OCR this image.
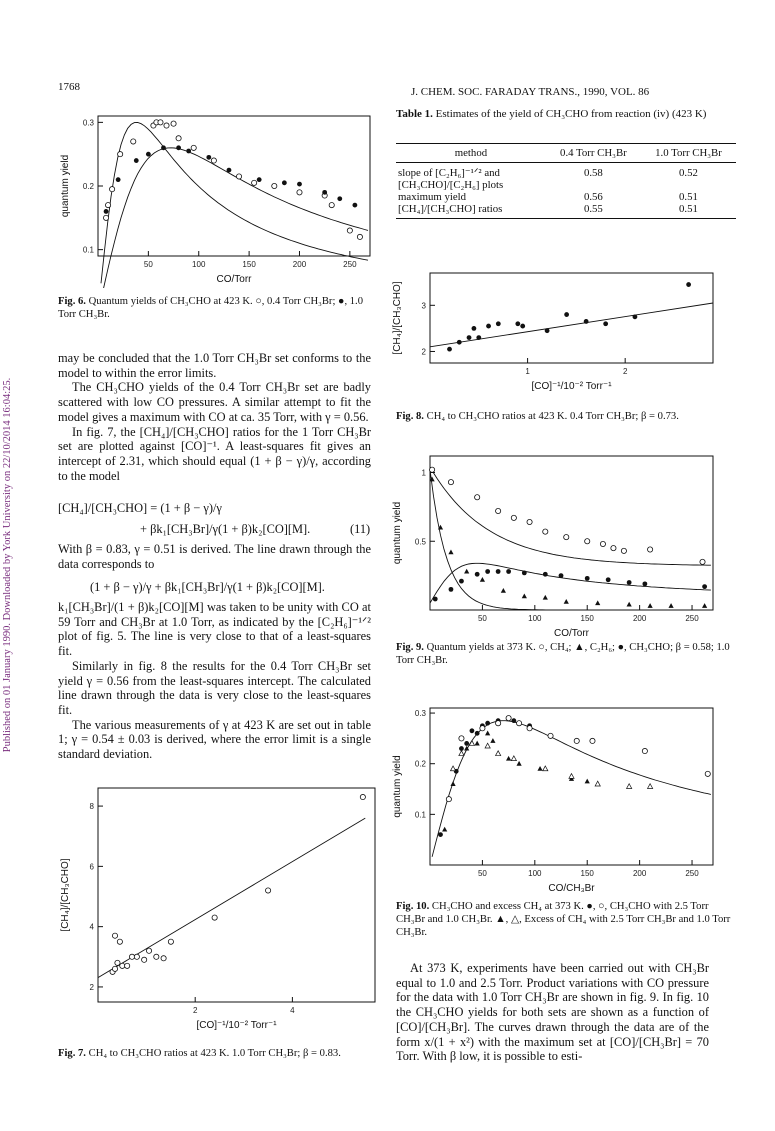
Published on 01 January 1990. Downloaded by York University on 22/10/2014 16:04:25.
1768	J. CHEM. SOC. FARADAY TRANS., 1990, VOL. 86
50	100	150	200	250
0.1
0.2
0.3
CO/Torr
quantum yield
Fig. 6. Quantum yields of CH₃CHO at 423 K. ○, 0.4 Torr CH₃Br; ●, 1.0 Torr CH₃Br.

may be concluded that the 1.0 Torr CH₃Br set conforms to the model to within the error limits.

The CH₃CHO yields of the 0.4 Torr CH₃Br set are badly scattered with low CO pressures. A similar attempt to fit the model gives a maximum with CO at ca. 35 Torr, with γ = 0.56.

In fig. 7, the [CH₄]/[CH₃CHO] ratios for the 1 Torr CH₃Br set are plotted against [CO]⁻¹. A least-squares fit gives an intercept of 2.31, which should equal (1 + β − γ)/γ, according to the model

[CH₄]/[CH₃CHO] = (1 + β − γ)/γ
+ βk₁[CH₃Br]/γ(1 + β)k₂[CO][M].	(11)
With β = 0.83, γ = 0.51 is derived. The line drawn through the data corresponds to
(1 + β − γ)/γ + βk₁[CH₃Br]/γ(1 + β)k₂[CO][M].

k₁[CH₃Br]/(1 + β)k₂[CO][M] was taken to be unity with CO at 59 Torr and CH₃Br at 1.0 Torr, as indicated by the [C₂H₆]⁻¹ᐟ² plot of fig. 5. The line is very close to that of a least-squares fit.

Similarly in fig. 8 the results for the 0.4 Torr CH₃Br set yield γ = 0.56 from the least-squares intercept. The calculated line drawn through the data is very close to the least-squares fit.

The various measurements of γ at 423 K are set out in table 1; γ = 0.54 ± 0.03 is derived, where the error limit is a single standard deviation.

2	4
2
4
6
8
[CO]⁻¹/10⁻² Torr⁻¹
[CH₄]/[CH₃CHO]
Fig. 7. CH₄ to CH₃CHO ratios at 423 K. 1.0 Torr CH₃Br; β = 0.83.
Table 1. Estimates of the yield of CH₃CHO from reaction (iv) (423 K)
method	0.4 Torr CH₃Br	1.0 Torr CH₃Br
slope of [C₂H₆]⁻¹ᐟ² and [CH₃CHO]/[C₂H₆] plots	0.58	0.52
maximum yield	0.56	0.51
[CH₄]/[CH₃CHO] ratios	0.55	0.51
1	2
2
3
[CO]⁻¹/10⁻² Torr⁻¹
[CH₄]/[CH₃CHO]
Fig. 8. CH₄ to CH₃CHO ratios at 423 K. 0.4 Torr CH₃Br; β = 0.73.
50	100	150	200	250
0.5
1
CO/Torr
quantum yield
Fig. 9. Quantum yields at 373 K. ○, CH₄; ▲, C₂H₆; ●, CH₃CHO; β = 0.58; 1.0 Torr CH₃Br.
50	100	150	200	250
0.1
0.2
0.3
CO/CH₃Br
quantum yield
Fig. 10. CH₃CHO and excess CH₄ at 373 K. ●, ○, CH₃CHO with 2.5 Torr CH₃Br and 1.0 CH₃Br. ▲, △, Excess of CH₄ with 2.5 Torr CH₃Br and 1.0 Torr CH₃Br.

At 373 K, experiments have been carried out with CH₃Br equal to 1.0 and 2.5 Torr. Product variations with CO pressure for the data with 1.0 Torr CH₃Br are shown in fig. 9. In fig. 10 the CH₃CHO yields for both sets are shown as a function of [CO]/[CH₃Br]. The curves drawn through the data are of the form x/(1 + x²) with the maximum set at [CO]/[CH₃Br] = 70 Torr. With β low, it is possible to esti-
